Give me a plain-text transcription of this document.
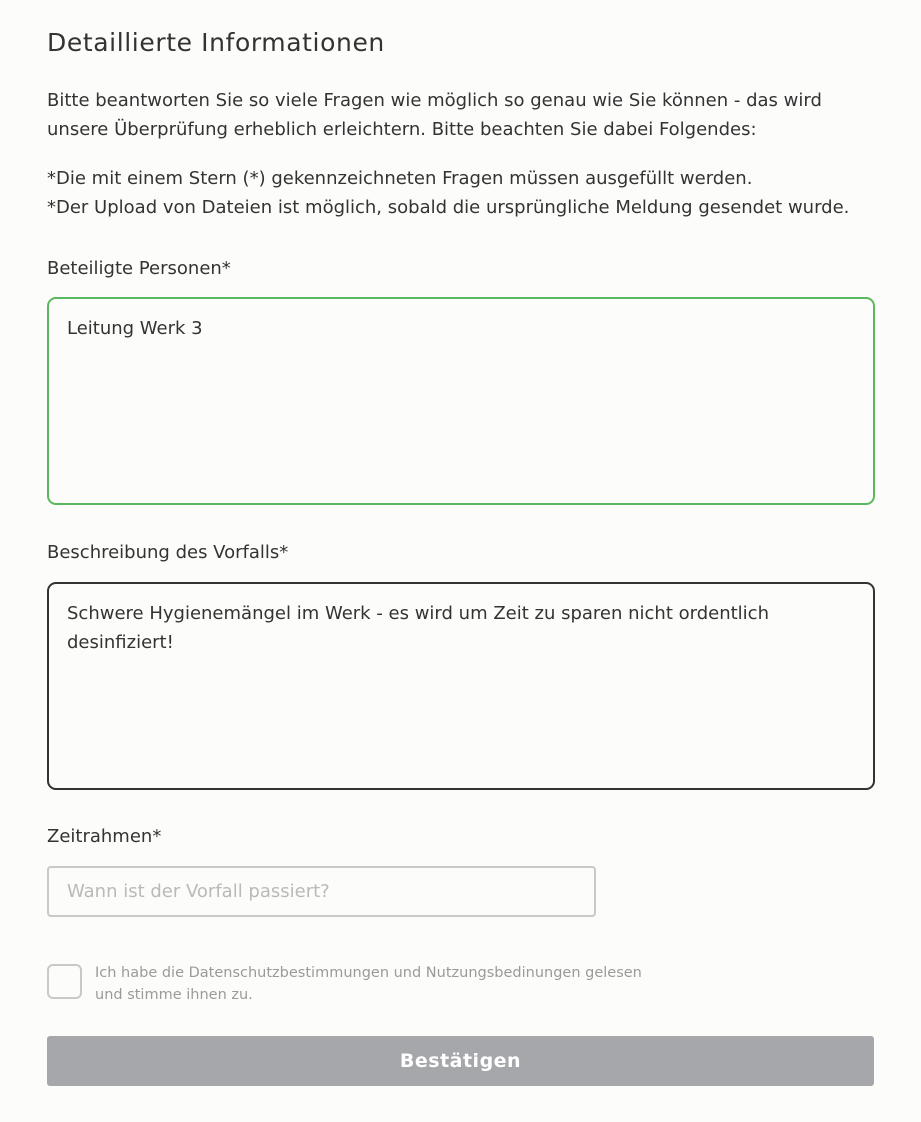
Detaillierte Informationen

Bitte beantworten Sie so viele Fragen wie möglich so genau wie Sie können - das wird unsere Überprüfung erheblich erleichtern. Bitte beachten Sie dabei Folgendes:

*Die mit einem Stern (*) gekennzeichneten Fragen müssen ausgefüllt werden.
*Der Upload von Dateien ist möglich, sobald die ursprüngliche Meldung gesendet wurde.
Beteiligte Personen*
Leitung Werk 3
Beschreibung des Vorfalls*
Schwere Hygienemängel im Werk - es wird um Zeit zu sparen nicht ordentlich desinfiziert!
Zeitrahmen*
Wann ist der Vorfall passiert?
Ich habe die Datenschutzbestimmungen und Nutzungsbedinungen gelesen
und stimme ihnen zu.
Bestätigen
